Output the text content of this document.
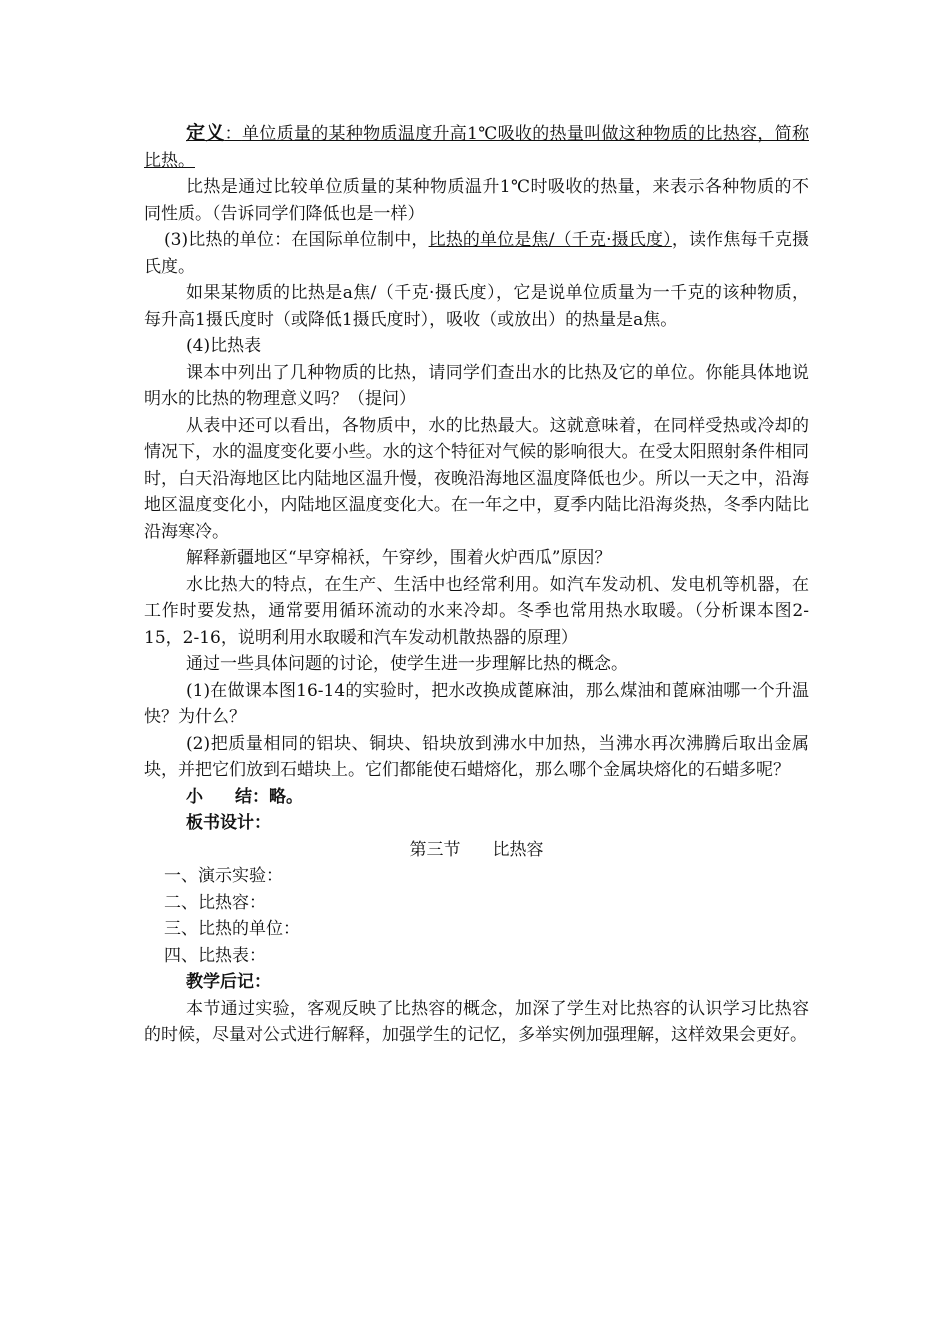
定义：单位质量的某种物质温度升高1℃吸收的热量叫做这种物质的比热容，简称比热。

比热是通过比较单位质量的某种物质温升1℃时吸收的热量，来表示各种物质的不同性质。（告诉同学们降低也是一样）

(3)比热的单位：在国际单位制中，比热的单位是焦/（千克·摄氏度），读作焦每千克摄氏度。

如果某物质的比热是a焦/（千克·摄氏度），它是说单位质量为一千克的该种物质，每升高1摄氏度时（或降低1摄氏度时），吸收（或放出）的热量是a焦。

(4)比热表

课本中列出了几种物质的比热，请同学们查出水的比热及它的单位。你能具体地说明水的比热的物理意义吗？（提问）

从表中还可以看出，各物质中，水的比热最大。这就意味着，在同样受热或冷却的情况下，水的温度变化要小些。水的这个特征对气候的影响很大。在受太阳照射条件相同时，白天沿海地区比内陆地区温升慢，夜晚沿海地区温度降低也少。所以一天之中，沿海地区温度变化小，内陆地区温度变化大。在一年之中，夏季内陆比沿海炎热，冬季内陆比沿海寒冷。

解释新疆地区“早穿棉袄，午穿纱，围着火炉西瓜”原因？

水比热大的特点，在生产、生活中也经常利用。如汽车发动机、发电机等机器，在工作时要发热，通常要用循环流动的水来冷却。冬季也常用热水取暖。（分析课本图2-15，2-16，说明利用水取暖和汽车发动机散热器的原理）

通过一些具体问题的讨论，使学生进一步理解比热的概念。

(1)在做课本图16-14的实验时，把水改换成蓖麻油，那么煤油和蓖麻油哪一个升温快？为什么？

(2)把质量相同的铝块、铜块、铅块放到沸水中加热，当沸水再次沸腾后取出金属块，并把它们放到石蜡块上。它们都能使石蜡熔化，那么哪个金属块熔化的石蜡多呢？

小 结：略。

板书设计：

第三节 比热容

一、演示实验：

二、比热容：

三、比热的单位：

四、比热表：

教学后记：

本节通过实验，客观反映了比热容的概念，加深了学生对比热容的认识学习比热容的时候，尽量对公式进行解释，加强学生的记忆，多举实例加强理解，这样效果会更好。
